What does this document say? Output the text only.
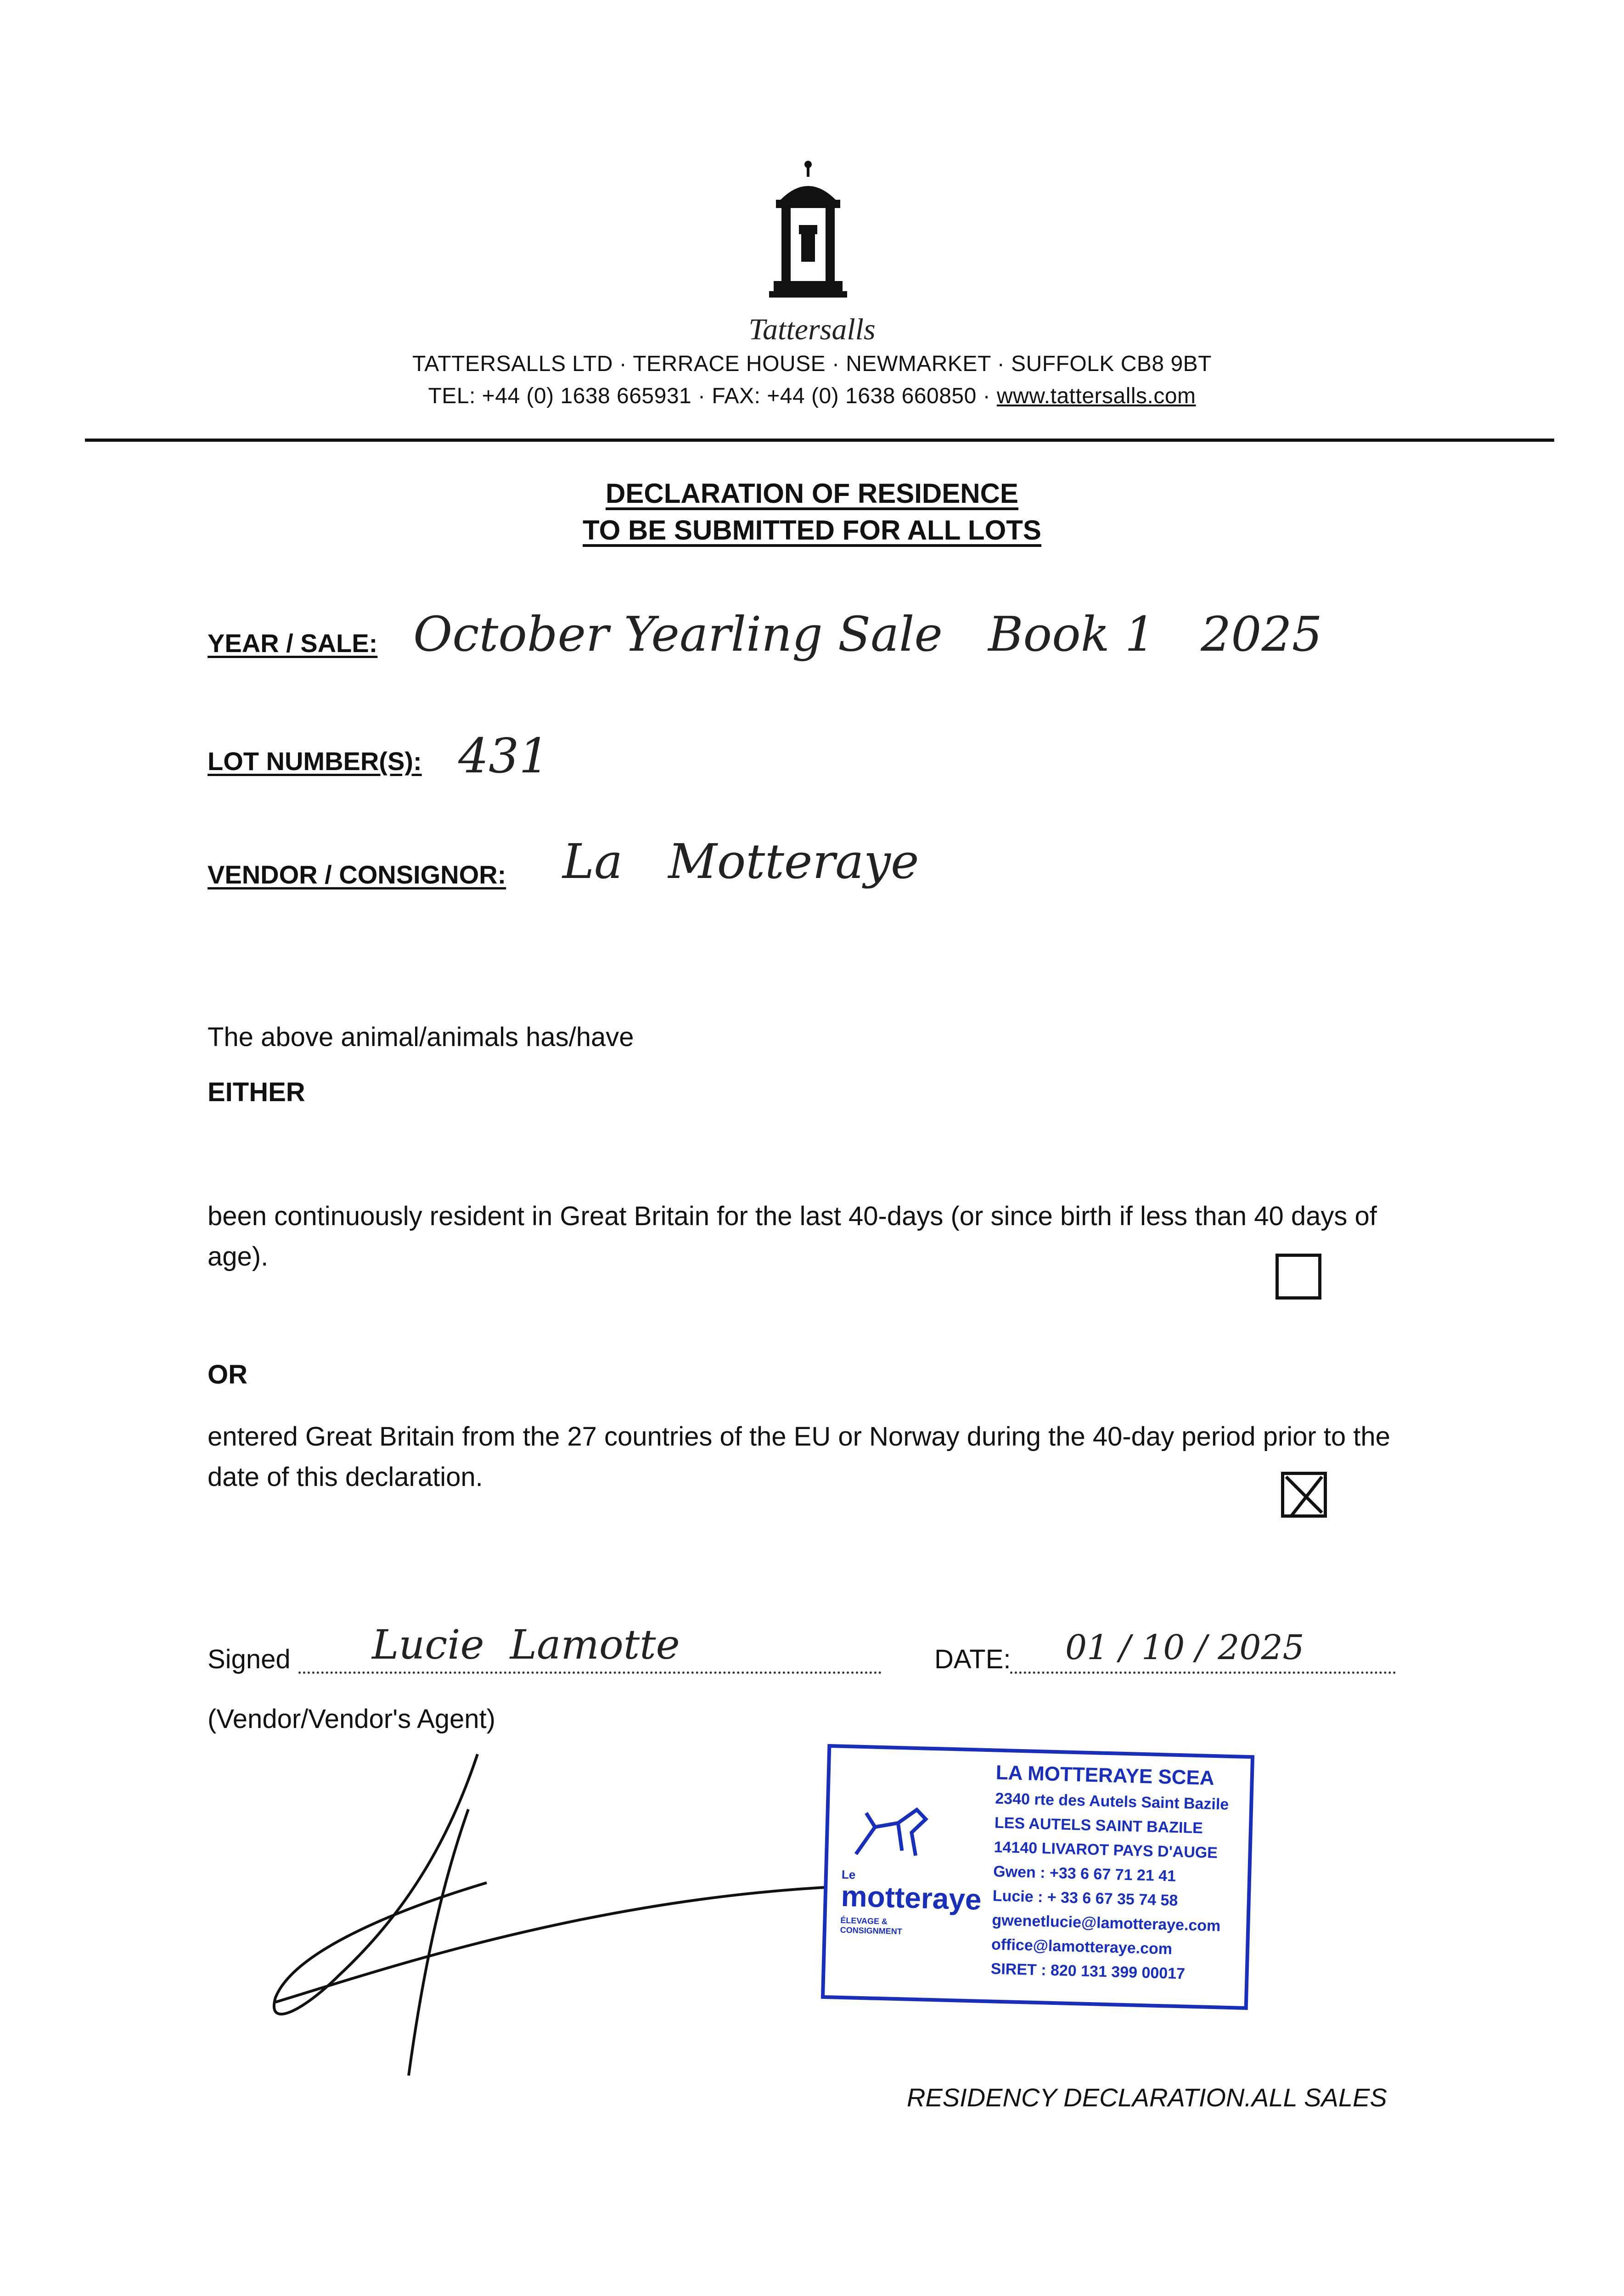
Tattersalls
TATTERSALLS LTD · TERRACE HOUSE · NEWMARKET · SUFFOLK CB8 9BT
TEL: +44 (0) 1638 665931 · FAX: +44 (0) 1638 660850 · www.tattersalls.com
DECLARATION OF RESIDENCE
TO BE SUBMITTED FOR ALL LOTS
YEAR / SALE: October Yearling Sale   Book 1   2025
LOT NUMBER(S): 431
VENDOR / CONSIGNOR: La   Motteraye
The above animal/animals has/have
EITHER
been continuously resident in Great Britain for the last 40-days (or since birth if less than 40 days of age).
OR
entered Great Britain from the 27 countries of the EU or Norway during the 40-day period prior to the date of this declaration.
Signed Lucie  Lamotte	DATE: 01 / 10 / 2025
(Vendor/Vendor's Agent)
Le
motteraye
ÉLEVAGE & CONSIGNMENT
LA MOTTERAYE SCEA
2340 rte des Autels Saint Bazile
LES AUTELS SAINT BAZILE
14140 LIVAROT PAYS D'AUGE
Gwen : +33 6 67 71 21 41
Lucie : + 33 6 67 35 74 58
gwenetlucie@lamotteraye.com
office@lamotteraye.com
SIRET : 820 131 399 00017
RESIDENCY DECLARATION.ALL SALES
